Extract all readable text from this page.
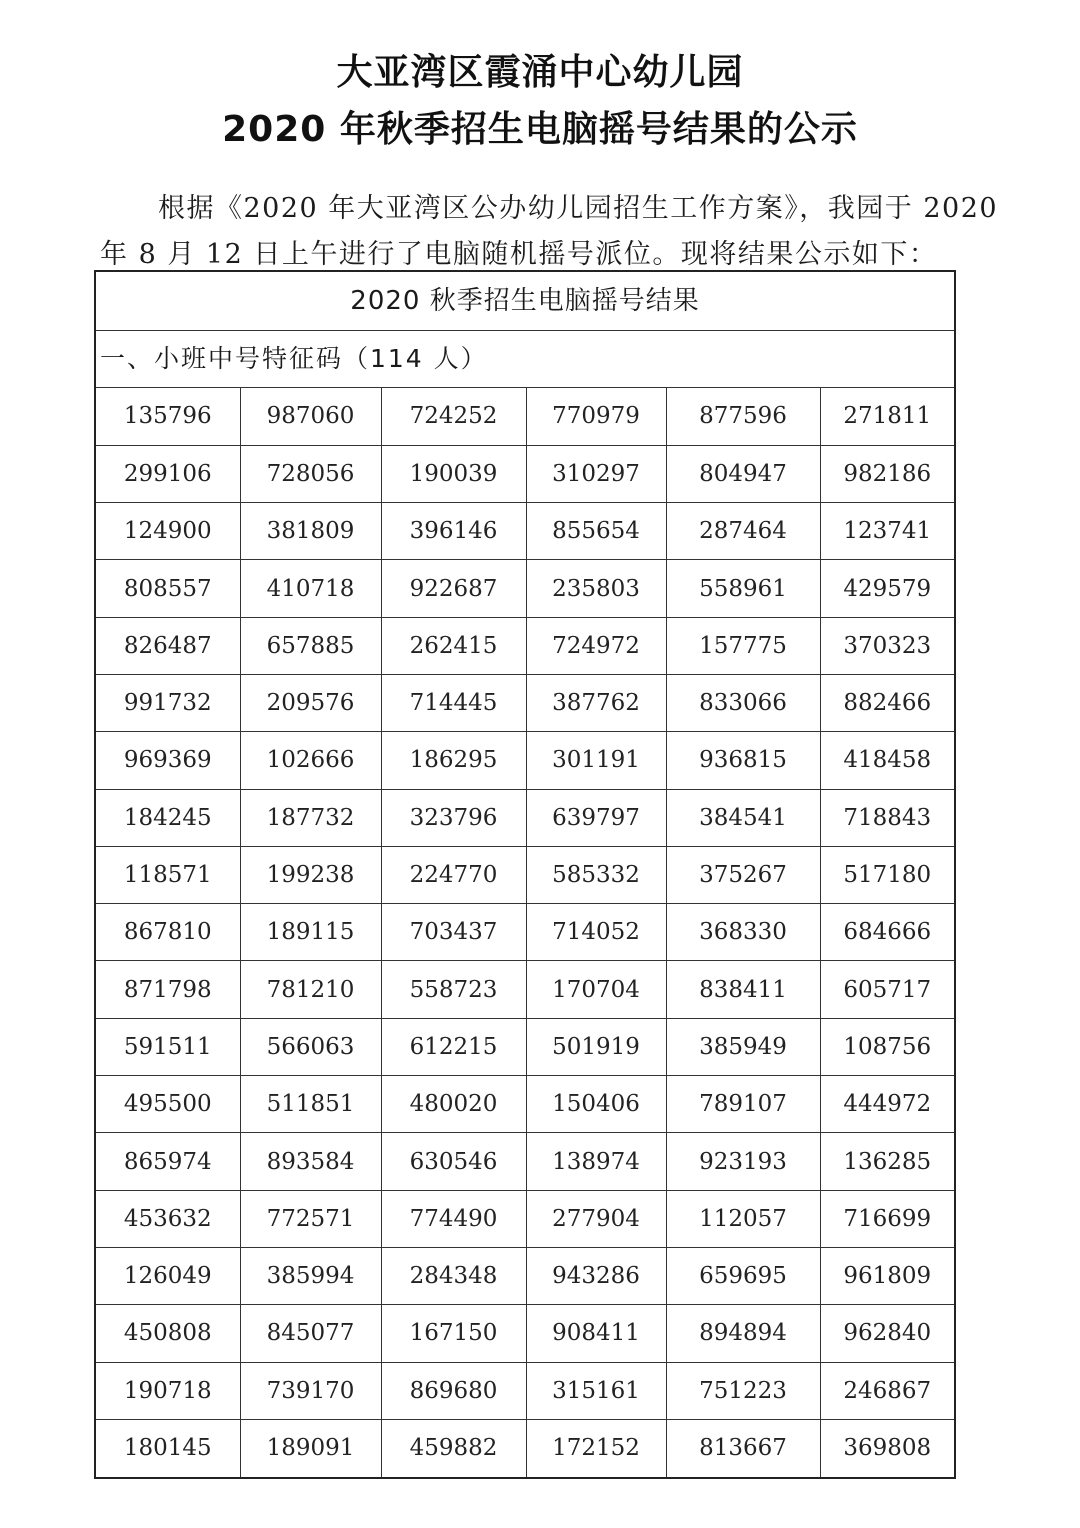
大亚湾区霞涌中心幼儿园
2020 年秋季招生电脑摇号结果的公示
根据《2020 年大亚湾区公办幼儿园招生工作方案》，我园于 2020
年 8 月 12 日上午进行了电脑随机摇号派位。现将结果公示如下：
2020 秋季招生电脑摇号结果
一、小班中号特征码（114 人）
135796	987060	724252	770979	877596	271811
299106	728056	190039	310297	804947	982186
124900	381809	396146	855654	287464	123741
808557	410718	922687	235803	558961	429579
826487	657885	262415	724972	157775	370323
991732	209576	714445	387762	833066	882466
969369	102666	186295	301191	936815	418458
184245	187732	323796	639797	384541	718843
118571	199238	224770	585332	375267	517180
867810	189115	703437	714052	368330	684666
871798	781210	558723	170704	838411	605717
591511	566063	612215	501919	385949	108756
495500	511851	480020	150406	789107	444972
865974	893584	630546	138974	923193	136285
453632	772571	774490	277904	112057	716699
126049	385994	284348	943286	659695	961809
450808	845077	167150	908411	894894	962840
190718	739170	869680	315161	751223	246867
180145	189091	459882	172152	813667	369808
